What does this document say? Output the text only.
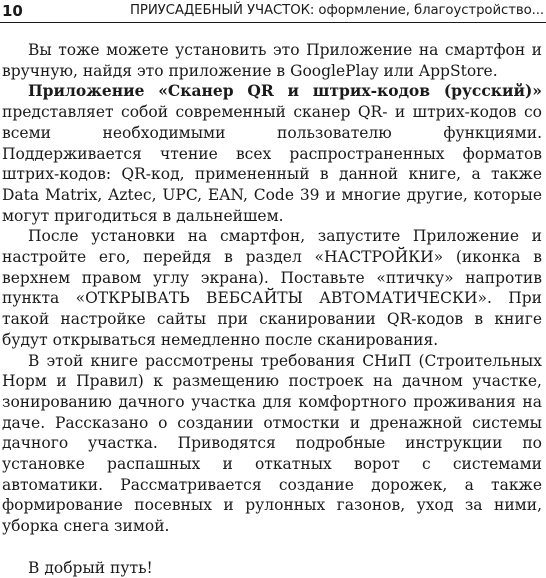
10	ПРИУСАДЕБНЫЙ УЧАСТОК: оформление, благоустройство...

Вы тоже можете установить это Приложение на смартфон и вручную, найдя это приложение в GooglePlay или AppStore.

Приложение «Сканер QR и штрих-кодов (русский)» представляет собой современный сканер QR- и штрих-кодов со всеми необходимыми пользователю функциями. Поддерживается чтение всех распространенных форматов штрих-кодов: QR-код, примененный в данной книге, а также Data Matrix, Aztec, UPC, EAN, Code 39 и многие другие, которые могут пригодиться в дальнейшем.

После установки на смартфон, запустите Приложение и настройте его, перейдя в раздел «НАСТРОЙКИ» (иконка в верхнем правом углу экрана). Поставьте «птичку» напротив пункта «ОТКРЫВАТЬ ВЕБСАЙТЫ АВТОМАТИЧЕСКИ». При такой настройке сайты при сканировании QR-кодов в книге будут открываться немедленно после сканирования.

В этой книге рассмотрены требования СНиП (Строительных Норм и Правил) к размещению построек на дачном участке, зонированию дачного участка для комфортного проживания на даче. Рассказано о создании отмостки и дренажной системы дачного участка. Приводятся подробные инструкции по установке распашных и откатных ворот с системами автоматики. Рассматривается создание дорожек, а также формирование посевных и рулонных газонов, уход за ними, уборка снега зимой.

В добрый путь!
